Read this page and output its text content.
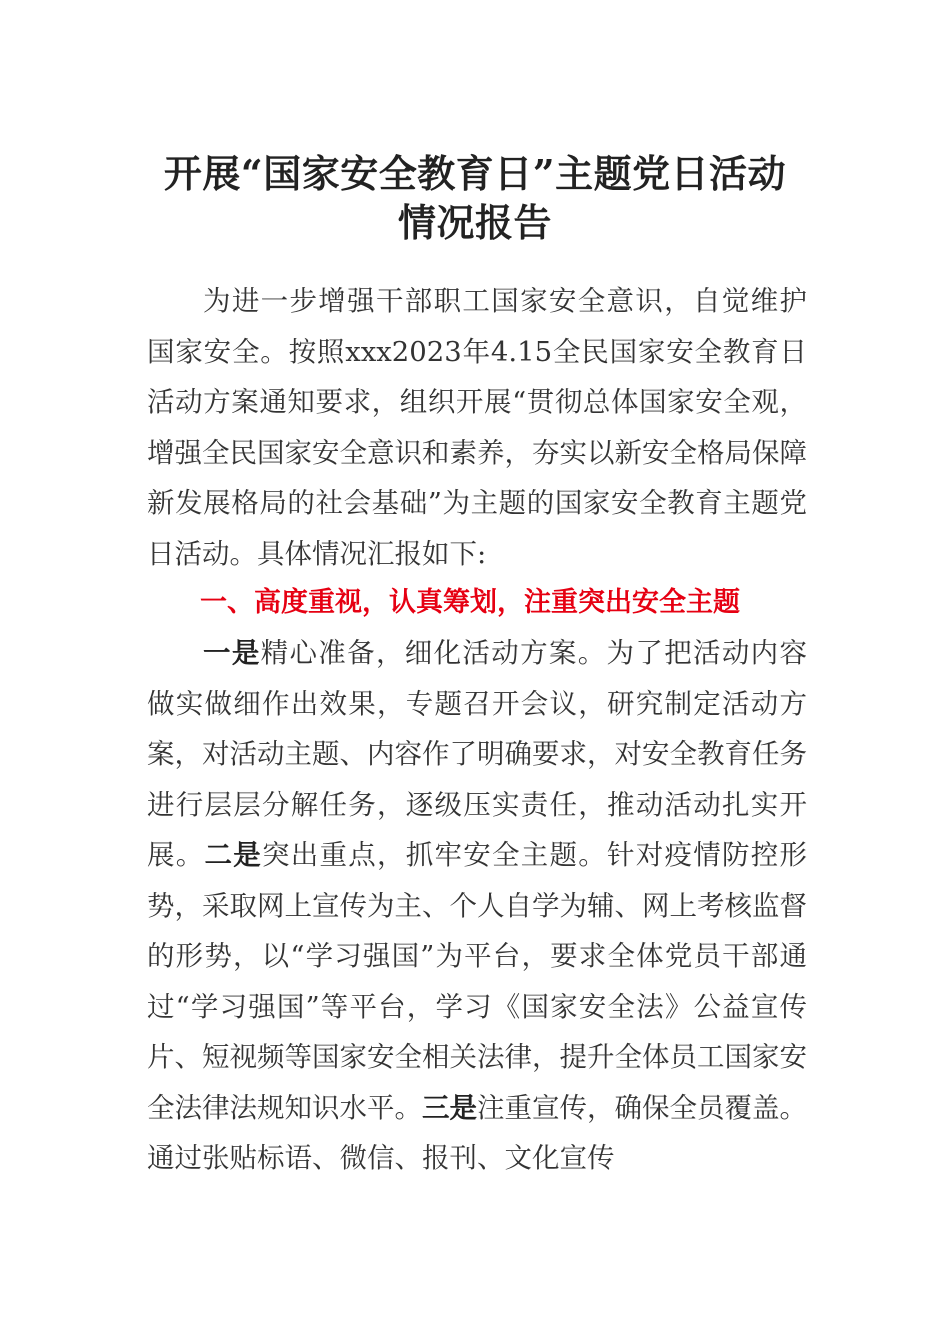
开展“国家安全教育日”主题党日活动
情况报告

为进一步增强干部职工国家安全意识，自觉维护国家安全。按照xxx2023年4.15全民国家安全教育日活动方案通知要求，组织开展“贯彻总体国家安全观，增强全民国家安全意识和素养，夯实以新安全格局保障新发展格局的社会基础”为主题的国家安全教育主题党日活动。具体情况汇报如下:

一、高度重视，认真筹划，注重突出安全主题

一是精心准备，细化活动方案。为了把活动内容做实做细作出效果，专题召开会议，研究制定活动方案，对活动主题、内容作了明确要求，对安全教育任务进行层层分解任务，逐级压实责任，推动活动扎实开展。二是突出重点，抓牢安全主题。针对疫情防控形势，采取网上宣传为主、个人自学为辅、网上考核监督的形势，以“学习强国”为平台，要求全体党员干部通过“学习强国”等平台，学习《国家安全法》公益宣传片、短视频等国家安全相关法律，提升全体员工国家安全法律法规知识水平。三是注重宣传，确保全员覆盖。通过张贴标语、微信、报刊、文化宣传
